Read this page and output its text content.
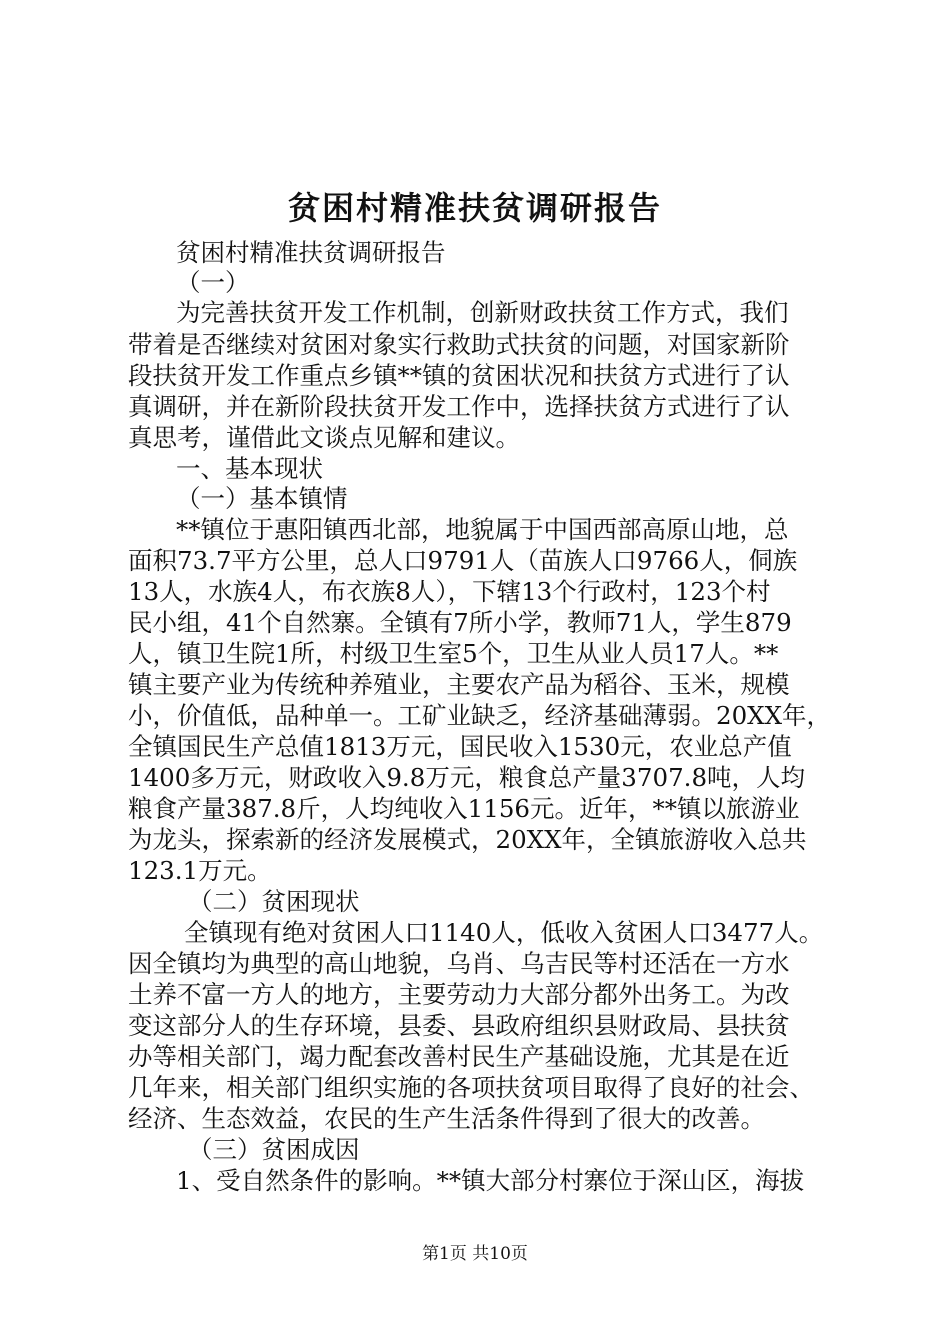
贫困村精准扶贫调研报告

贫困村精准扶贫调研报告

（一）

为完善扶贫开发工作机制，创新财政扶贫工作方式，我们

带着是否继续对贫困对象实行救助式扶贫的问题，对国家新阶

段扶贫开发工作重点乡镇**镇的贫困状况和扶贫方式进行了认

真调研，并在新阶段扶贫开发工作中，选择扶贫方式进行了认

真思考，谨借此文谈点见解和建议。

一、基本现状

（一）基本镇情

**镇位于惠阳镇西北部，地貌属于中国西部高原山地，总

面积73.7平方公里，总人口9791人（苗族人口9766人，侗族

13人，水族4人，布衣族8人），下辖13个行政村，123个村

民小组，41个自然寨。全镇有7所小学，教师71人，学生879

人，镇卫生院1所，村级卫生室5个，卫生从业人员17人。**

镇主要产业为传统种养殖业，主要农产品为稻谷、玉米，规模

小，价值低，品种单一。工矿业缺乏，经济基础薄弱。20XX年，

全镇国民生产总值1813万元，国民收入1530元，农业总产值

1400多万元，财政收入9.8万元，粮食总产量3707.8吨，人均

粮食产量387.8斤，人均纯收入1156元。近年，**镇以旅游业

为龙头，探索新的经济发展模式，20XX年，全镇旅游收入总共

123.1万元。

（二）贫困现状

全镇现有绝对贫困人口1140人，低收入贫困人口3477人。

因全镇均为典型的高山地貌，乌肖、乌吉民等村还活在一方水

土养不富一方人的地方，主要劳动力大部分都外出务工。为改

变这部分人的生存环境，县委、县政府组织县财政局、县扶贫

办等相关部门，竭力配套改善村民生产基础设施，尤其是在近

几年来，相关部门组织实施的各项扶贫项目取得了良好的社会、

经济、生态效益，农民的生产生活条件得到了很大的改善。

（三）贫困成因

1、受自然条件的影响。**镇大部分村寨位于深山区，海拔

第1页 共10页
